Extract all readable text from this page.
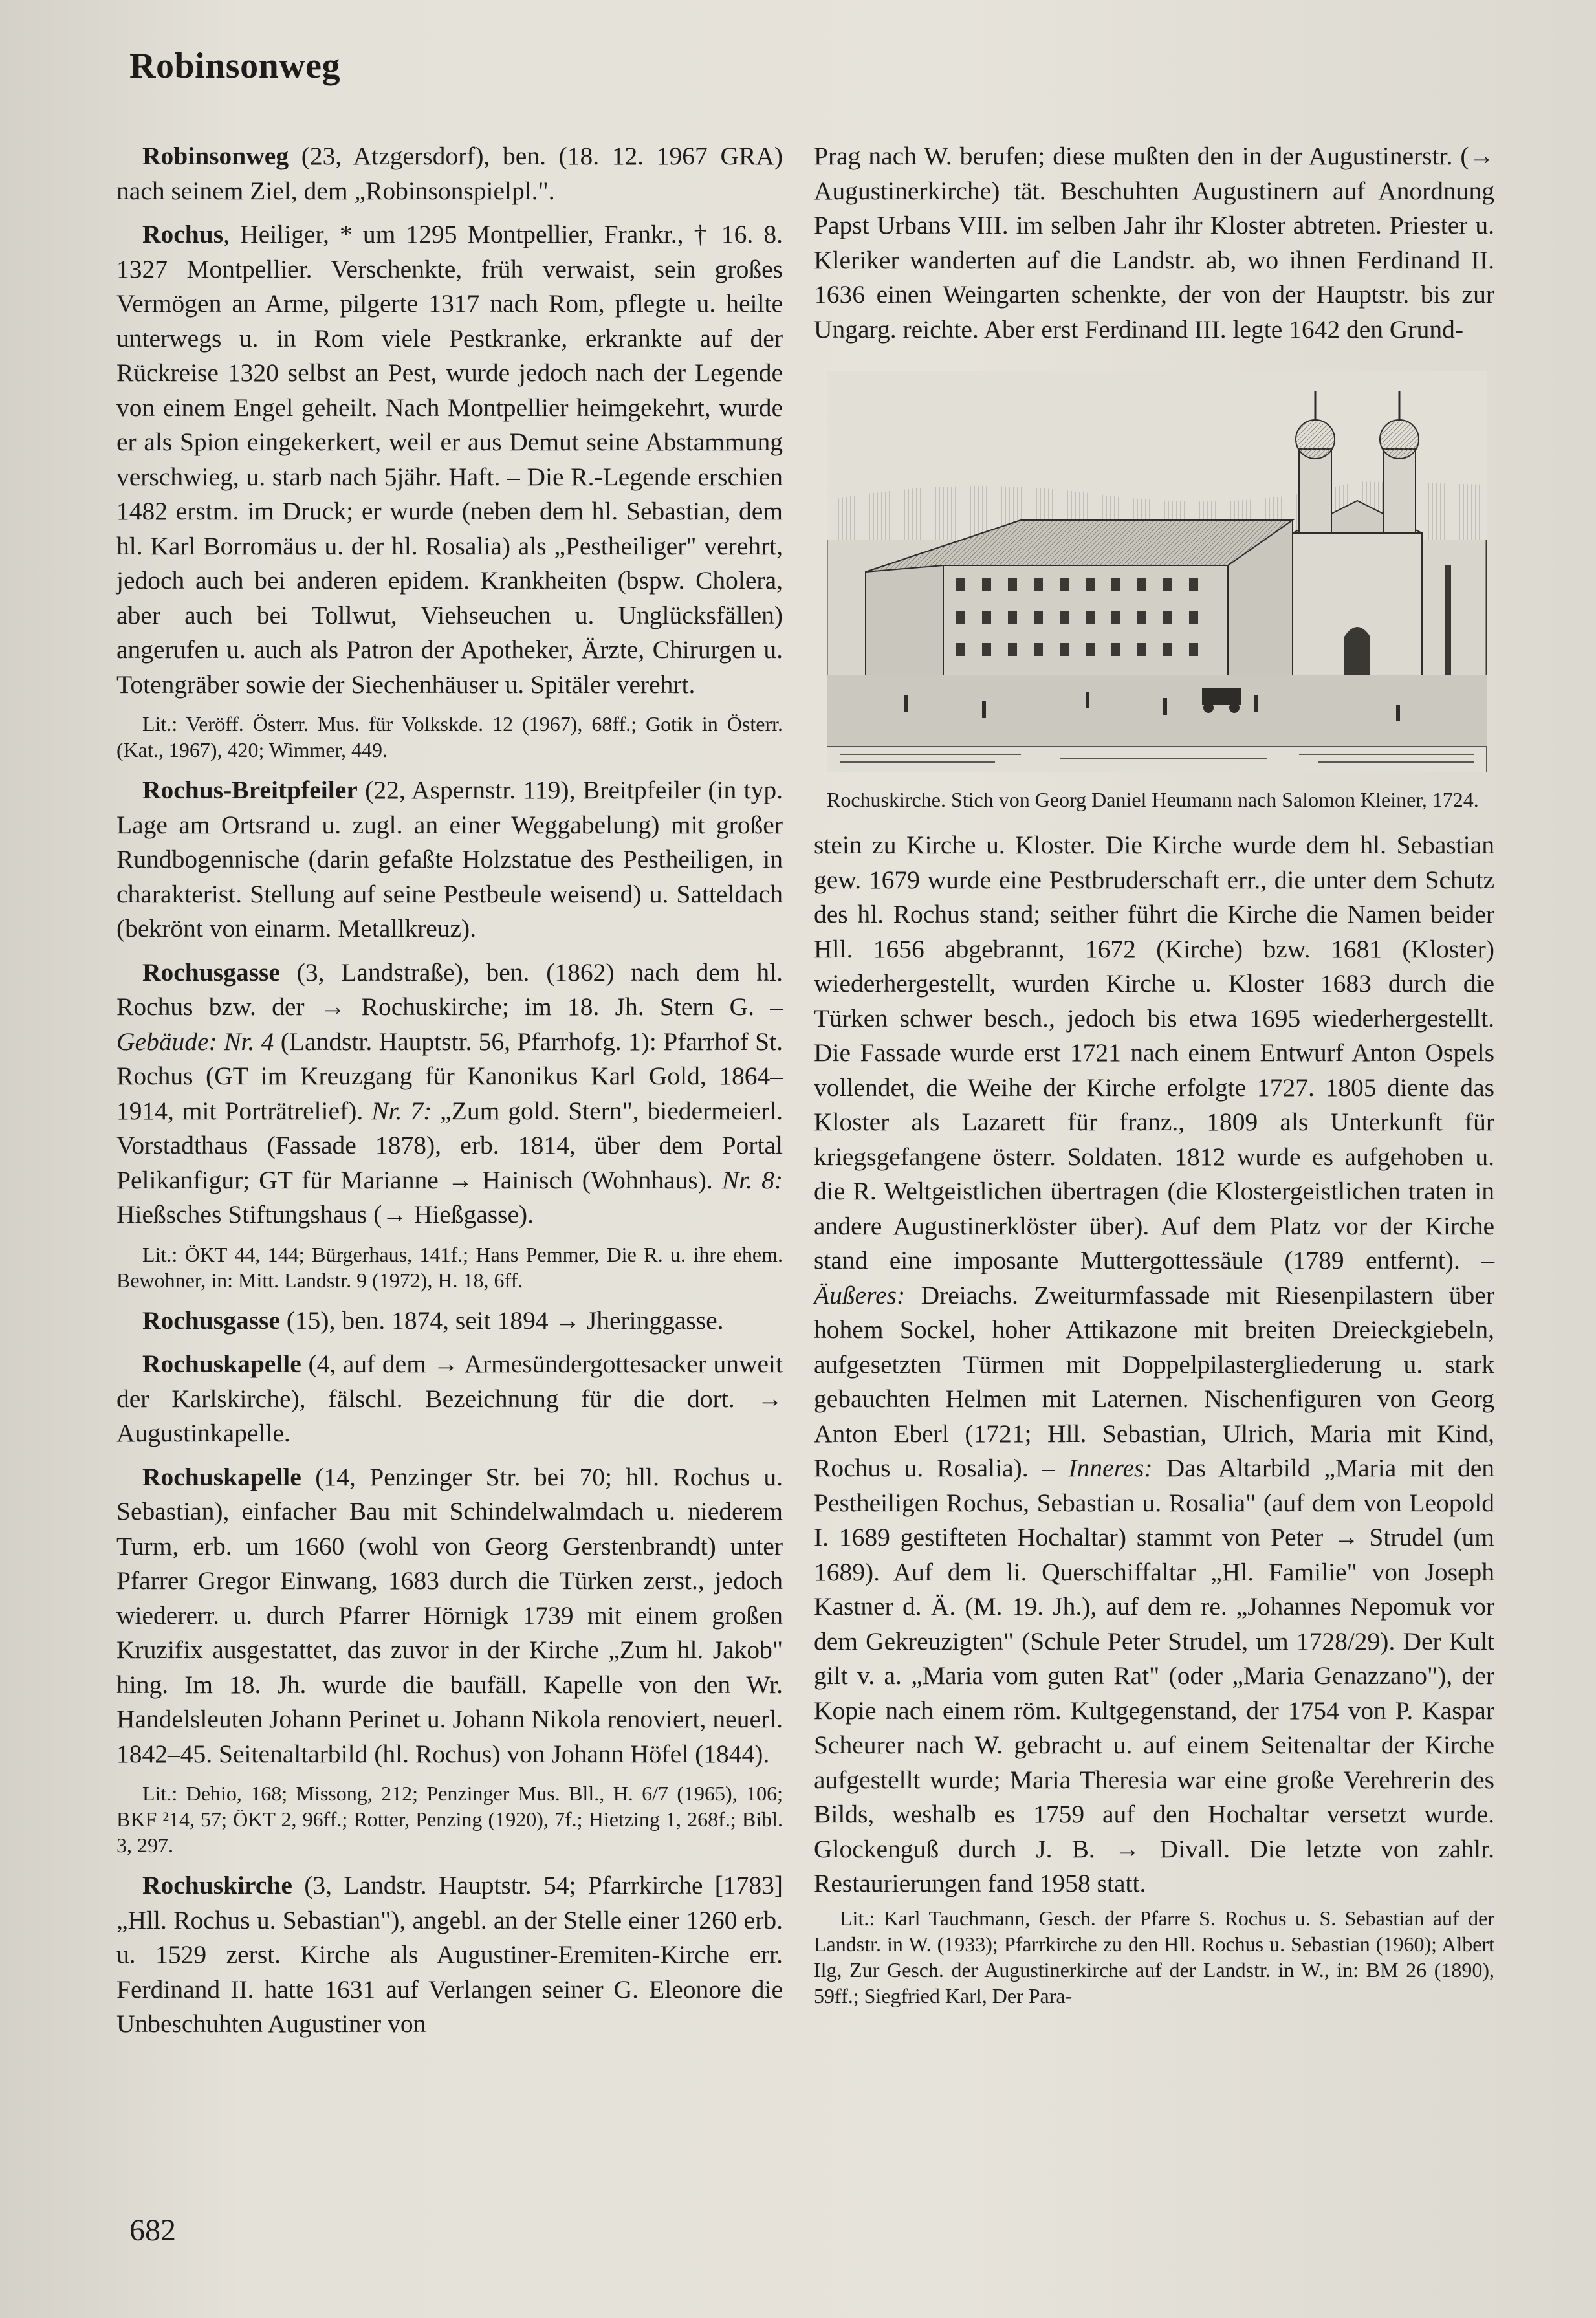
Robinsonweg

Robinsonweg (23, Atzgersdorf), ben. (18. 12. 1967 GRA) nach seinem Ziel, dem „Robinsonspielpl.".

Rochus, Heiliger, * um 1295 Montpellier, Frankr., † 16. 8. 1327 Montpellier. Verschenkte, früh verwaist, sein großes Vermögen an Arme, pilgerte 1317 nach Rom, pflegte u. heilte unterwegs u. in Rom viele Pestkranke, erkrankte auf der Rückreise 1320 selbst an Pest, wurde jedoch nach der Legende von einem Engel geheilt. Nach Montpellier heimgekehrt, wurde er als Spion eingekerkert, weil er aus Demut seine Abstammung verschwieg, u. starb nach 5jähr. Haft. – Die R.-Legende erschien 1482 erstm. im Druck; er wurde (neben dem hl. Sebastian, dem hl. Karl Borromäus u. der hl. Rosalia) als „Pestheiliger" verehrt, jedoch auch bei anderen epidem. Krankheiten (bspw. Cholera, aber auch bei Tollwut, Viehseuchen u. Unglücksfällen) angerufen u. auch als Patron der Apotheker, Ärzte, Chirurgen u. Totengräber sowie der Siechenhäuser u. Spitäler verehrt.

Lit.: Veröff. Österr. Mus. für Volkskde. 12 (1967), 68ff.; Gotik in Österr. (Kat., 1967), 420; Wimmer, 449.

Rochus-Breitpfeiler (22, Aspernstr. 119), Breitpfeiler (in typ. Lage am Ortsrand u. zugl. an einer Weggabelung) mit großer Rundbogennische (darin gefaßte Holzstatue des Pestheiligen, in charakterist. Stellung auf seine Pestbeule weisend) u. Satteldach (bekrönt von einarm. Metallkreuz).

Rochusgasse (3, Landstraße), ben. (1862) nach dem hl. Rochus bzw. der → Rochuskirche; im 18. Jh. Stern G. – Gebäude: Nr. 4 (Landstr. Hauptstr. 56, Pfarrhofg. 1): Pfarrhof St. Rochus (GT im Kreuzgang für Kanonikus Karl Gold, 1864–1914, mit Porträtrelief). Nr. 7: „Zum gold. Stern", biedermeierl. Vorstadthaus (Fassade 1878), erb. 1814, über dem Portal Pelikanfigur; GT für Marianne → Hainisch (Wohnhaus). Nr. 8: Hießsches Stiftungshaus (→ Hießgasse).

Lit.: ÖKT 44, 144; Bürgerhaus, 141f.; Hans Pemmer, Die R. u. ihre ehem. Bewohner, in: Mitt. Landstr. 9 (1972), H. 18, 6ff.

Rochusgasse (15), ben. 1874, seit 1894 → Jheringgasse.

Rochuskapelle (4, auf dem → Armesündergottesacker unweit der Karlskirche), fälschl. Bezeichnung für die dort. → Augustinkapelle.

Rochuskapelle (14, Penzinger Str. bei 70; hll. Rochus u. Sebastian), einfacher Bau mit Schindelwalmdach u. niederem Turm, erb. um 1660 (wohl von Georg Gerstenbrandt) unter Pfarrer Gregor Einwang, 1683 durch die Türken zerst., jedoch wiedererr. u. durch Pfarrer Hörnigk 1739 mit einem großen Kruzifix ausgestattet, das zuvor in der Kirche „Zum hl. Jakob" hing. Im 18. Jh. wurde die baufäll. Kapelle von den Wr. Handelsleuten Johann Perinet u. Johann Nikola renoviert, neuerl. 1842–45. Seitenaltarbild (hl. Rochus) von Johann Höfel (1844).

Lit.: Dehio, 168; Missong, 212; Penzinger Mus. Bll., H. 6/7 (1965), 106; BKF ²14, 57; ÖKT 2, 96ff.; Rotter, Penzing (1920), 7f.; Hietzing 1, 268f.; Bibl. 3, 297.

Rochuskirche (3, Landstr. Hauptstr. 54; Pfarrkirche [1783] „Hll. Rochus u. Sebastian"), angebl. an der Stelle einer 1260 erb. u. 1529 zerst. Kirche als Augustiner-Eremiten-Kirche err. Ferdinand II. hatte 1631 auf Verlangen seiner G. Eleonore die Unbeschuhten Augustiner von

Prag nach W. berufen; diese mußten den in der Augustinerstr. (→ Augustinerkirche) tät. Beschuhten Augustinern auf Anordnung Papst Urbans VIII. im selben Jahr ihr Kloster abtreten. Priester u. Kleriker wanderten auf die Landstr. ab, wo ihnen Ferdinand II. 1636 einen Weingarten schenkte, der von der Hauptstr. bis zur Ungarg. reichte. Aber erst Ferdinand III. legte 1642 den Grund-

Rochuskirche. Stich von Georg Daniel Heumann nach Salomon Kleiner, 1724.

stein zu Kirche u. Kloster. Die Kirche wurde dem hl. Sebastian gew. 1679 wurde eine Pestbruderschaft err., die unter dem Schutz des hl. Rochus stand; seither führt die Kirche die Namen beider Hll. 1656 abgebrannt, 1672 (Kirche) bzw. 1681 (Kloster) wiederhergestellt, wurden Kirche u. Kloster 1683 durch die Türken schwer besch., jedoch bis etwa 1695 wiederhergestellt. Die Fassade wurde erst 1721 nach einem Entwurf Anton Ospels vollendet, die Weihe der Kirche erfolgte 1727. 1805 diente das Kloster als Lazarett für franz., 1809 als Unterkunft für kriegsgefangene österr. Soldaten. 1812 wurde es aufgehoben u. die R. Weltgeistlichen übertragen (die Klostergeistlichen traten in andere Augustinerklöster über). Auf dem Platz vor der Kirche stand eine imposante Muttergottessäule (1789 entfernt). – Äußeres: Dreiachs. Zweiturmfassade mit Riesenpilastern über hohem Sockel, hoher Attikazone mit breiten Dreieckgiebeln, aufgesetzten Türmen mit Doppelpilastergliederung u. stark gebauchten Helmen mit Laternen. Nischenfiguren von Georg Anton Eberl (1721; Hll. Sebastian, Ulrich, Maria mit Kind, Rochus u. Rosalia). – Inneres: Das Altarbild „Maria mit den Pestheiligen Rochus, Sebastian u. Rosalia" (auf dem von Leopold I. 1689 gestifteten Hochaltar) stammt von Peter → Strudel (um 1689). Auf dem li. Querschiffaltar „Hl. Familie" von Joseph Kastner d. Ä. (M. 19. Jh.), auf dem re. „Johannes Nepomuk vor dem Gekreuzigten" (Schule Peter Strudel, um 1728/29). Der Kult gilt v. a. „Maria vom guten Rat" (oder „Maria Genazzano"), der Kopie nach einem röm. Kultgegenstand, der 1754 von P. Kaspar Scheurer nach W. gebracht u. auf einem Seitenaltar der Kirche aufgestellt wurde; Maria Theresia war eine große Verehrerin des Bilds, weshalb es 1759 auf den Hochaltar versetzt wurde. Glockenguß durch J. B. → Divall. Die letzte von zahlr. Restaurierungen fand 1958 statt.

Lit.: Karl Tauchmann, Gesch. der Pfarre S. Rochus u. S. Sebastian auf der Landstr. in W. (1933); Pfarrkirche zu den Hll. Rochus u. Sebastian (1960); Albert Ilg, Zur Gesch. der Augustinerkirche auf der Landstr. in W., in: BM 26 (1890), 59ff.; Siegfried Karl, Der Para-

682
